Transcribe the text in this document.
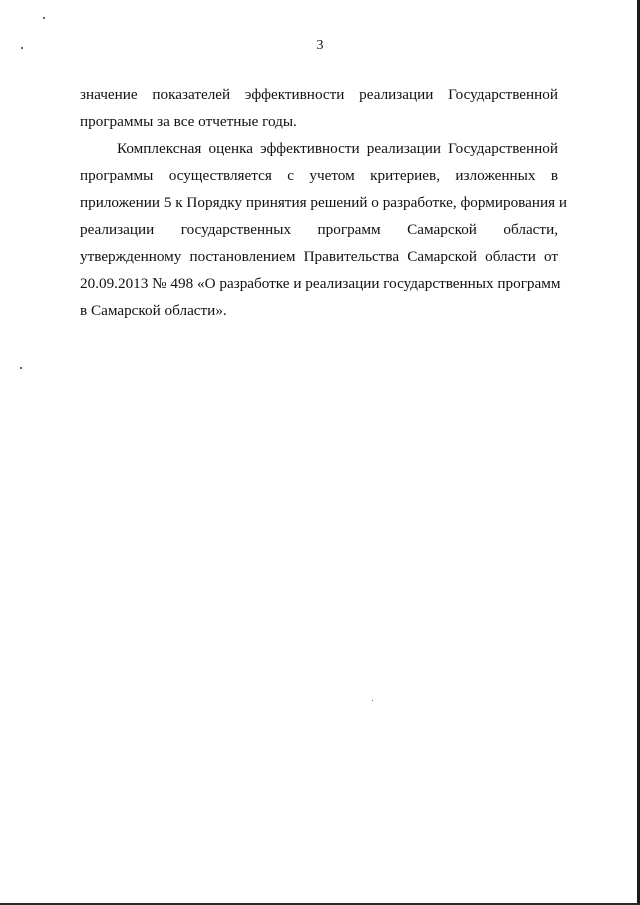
3
значение показателей эффективности реализации Государственной
программы за все отчетные годы.
Комплексная оценка эффективности реализации Государственной
программы осуществляется с учетом критериев, изложенных в
приложении 5 к Порядку принятия решений о разработке, формирования и
реализации государственных программ Самарской области,
утвержденному постановлением Правительства Самарской области от
20.09.2013 № 498 «О разработке и реализации государственных программ
в Самарской области».
